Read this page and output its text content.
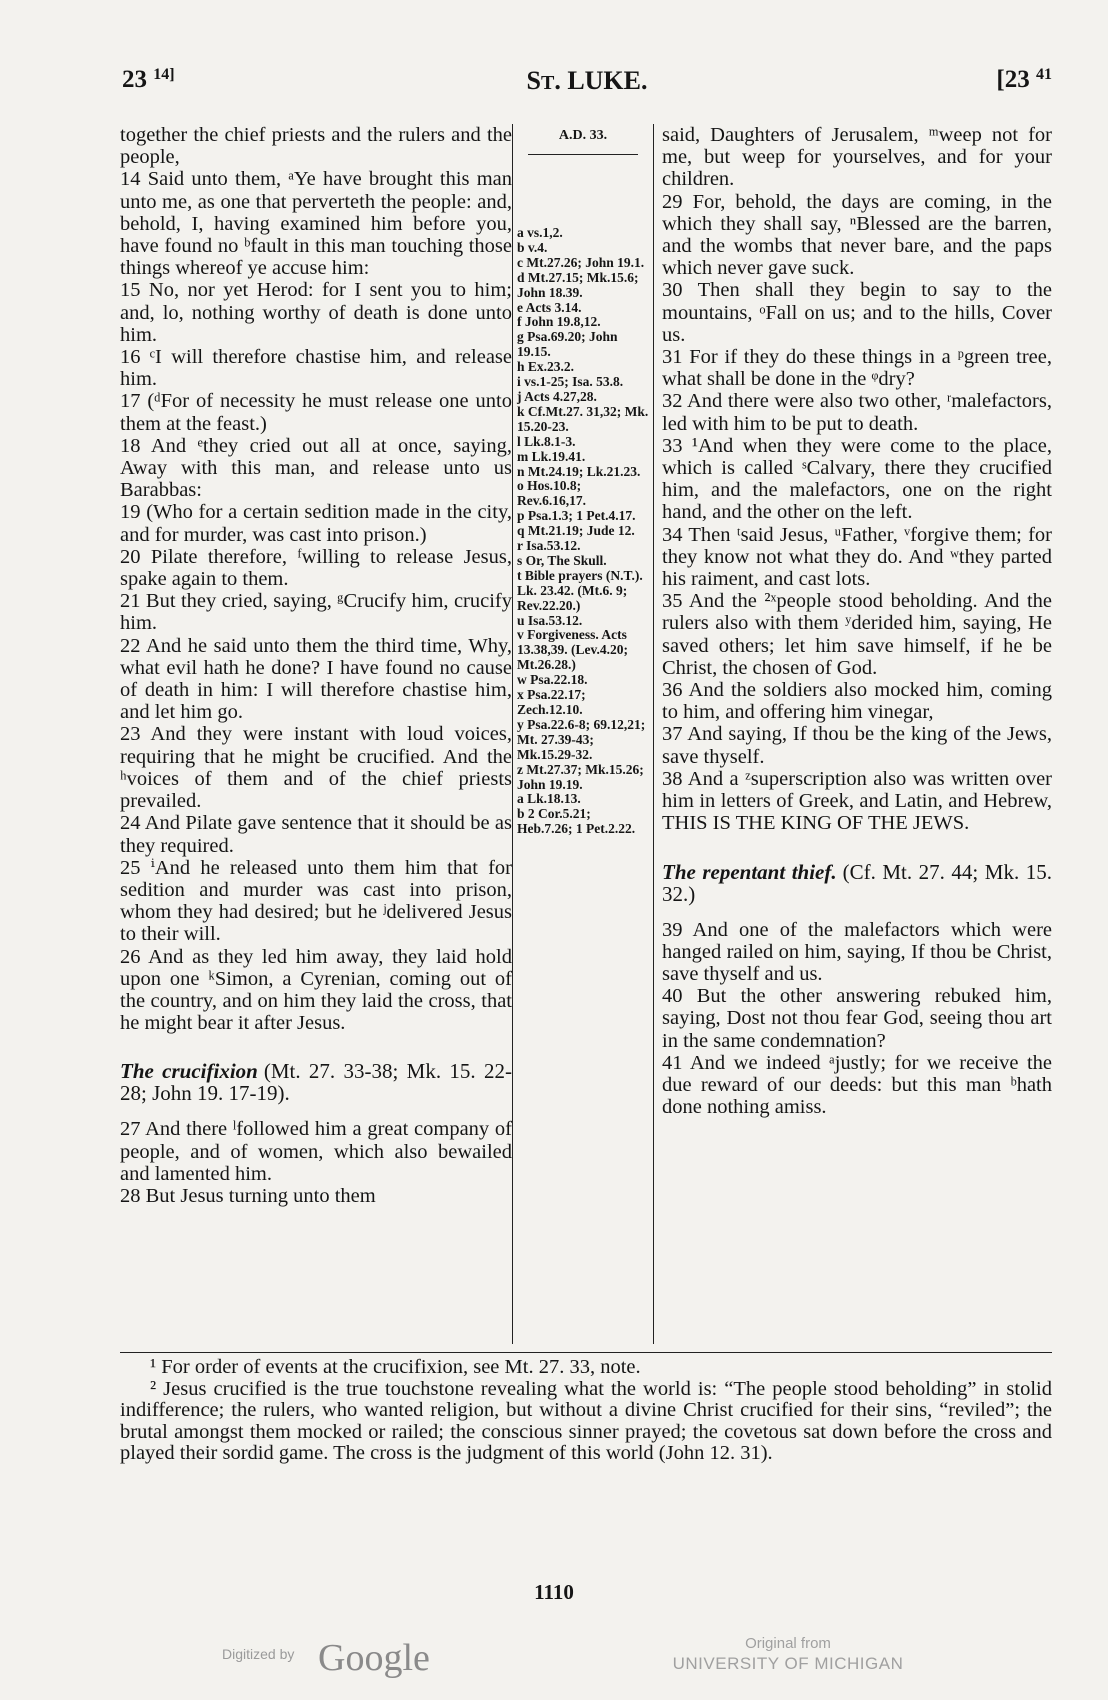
23 $^{14]}$	ST. LUKE.	[23 $^{41}$

together the chief priests and the rulers and the people,

14 Said unto them, ᵃYe have brought this man unto me, as one that perverteth the people: and, behold, I, having examined him before you, have found no ᵇfault in this man touching those things whereof ye accuse him:

15 No, nor yet Herod: for I sent you to him; and, lo, nothing worthy of death is done unto him.

16 ᶜI will therefore chastise him, and release him.

17 (ᵈFor of necessity he must release one unto them at the feast.)

18 And ᵉthey cried out all at once, saying, Away with this man, and release unto us Barabbas:

19 (Who for a certain sedition made in the city, and for murder, was cast into prison.)

20 Pilate therefore, ᶠwilling to release Jesus, spake again to them.

21 But they cried, saying, ᵍCrucify him, crucify him.

22 And he said unto them the third time, Why, what evil hath he done? I have found no cause of death in him: I will therefore chastise him, and let him go.

23 And they were instant with loud voices, requiring that he might be crucified. And the ʰvoices of them and of the chief priests prevailed.

24 And Pilate gave sentence that it should be as they required.

25 ⁱAnd he released unto them him that for sedition and murder was cast into prison, whom they had desired; but he ʲdelivered Jesus to their will.

26 And as they led him away, they laid hold upon one ᵏSimon, a Cyrenian, coming out of the country, and on him they laid the cross, that he might bear it after Jesus.

The crucifixion (Mt. 27. 33-38; Mk. 15. 22-28; John 19. 17-19).

27 And there ˡfollowed him a great company of people, and of women, which also bewailed and lamented him.

28 But Jesus turning unto them

A.D. 33.
a vs.1,2.
b v.4.
c Mt.27.26; John 19.1.
d Mt.27.15; Mk.15.6; John 18.39.
e Acts 3.14.
f John 19.8,12.
g Psa.69.20; John 19.15.
h Ex.23.2.
i vs.1-25; Isa. 53.8.
j Acts 4.27,28.
k Cf.Mt.27. 31,32; Mk. 15.20-23.
l Lk.8.1-3.
m Lk.19.41.
n Mt.24.19; Lk.21.23.
o Hos.10.8; Rev.6.16,17.
p Psa.1.3; 1 Pet.4.17.
q Mt.21.19; Jude 12.
r Isa.53.12.
s Or, The Skull.
t Bible prayers (N.T.). Lk. 23.42. (Mt.6. 9; Rev.22.20.)
u Isa.53.12.
v Forgiveness. Acts 13.38,39. (Lev.4.20; Mt.26.28.)
w Psa.22.18.
x Psa.22.17; Zech.12.10.
y Psa.22.6-8; 69.12,21; Mt. 27.39-43; Mk.15.29-32.
z Mt.27.37; Mk.15.26; John 19.19.
a Lk.18.13.
b 2 Cor.5.21; Heb.7.26; 1 Pet.2.22.

said, Daughters of Jerusalem, ᵐweep not for me, but weep for yourselves, and for your children.

29 For, behold, the days are coming, in the which they shall say, ⁿBlessed are the barren, and the wombs that never bare, and the paps which never gave suck.

30 Then shall they begin to say to the mountains, ᵒFall on us; and to the hills, Cover us.

31 For if they do these things in a ᵖgreen tree, what shall be done in the ᵠdry?

32 And there were also two other, ʳmalefactors, led with him to be put to death.

33 ¹And when they were come to the place, which is called ˢCalvary, there they crucified him, and the malefactors, one on the right hand, and the other on the left.

34 Then ᵗsaid Jesus, ᵘFather, ᵛforgive them; for they know not what they do. And ʷthey parted his raiment, and cast lots.

35 And the ²ˣpeople stood beholding. And the rulers also with them ʸderided him, saying, He saved others; let him save himself, if he be Christ, the chosen of God.

36 And the soldiers also mocked him, coming to him, and offering him vinegar,

37 And saying, If thou be the king of the Jews, save thyself.

38 And a ᶻsuperscription also was written over him in letters of Greek, and Latin, and Hebrew, THIS IS THE KING OF THE JEWS.

The repentant thief. (Cf. Mt. 27. 44; Mk. 15. 32.)

39 And one of the malefactors which were hanged railed on him, saying, If thou be Christ, save thyself and us.

40 But the other answering rebuked him, saying, Dost not thou fear God, seeing thou art in the same condemnation?

41 And we indeed ᵃjustly; for we receive the due reward of our deeds: but this man ᵇhath done nothing amiss.

¹ For order of events at the crucifixion, see Mt. 27. 33, note.

² Jesus crucified is the true touchstone revealing what the world is: “The people stood beholding” in stolid indifference; the rulers, who wanted religion, but without a divine Christ crucified for their sins, “reviled”; the brutal amongst them mocked or railed; the conscious sinner prayed; the covetous sat down before the cross and played their sordid game. The cross is the judgment of this world (John 12. 31).

1110
Digitized by Google	Original from
UNIVERSITY OF MICHIGAN
